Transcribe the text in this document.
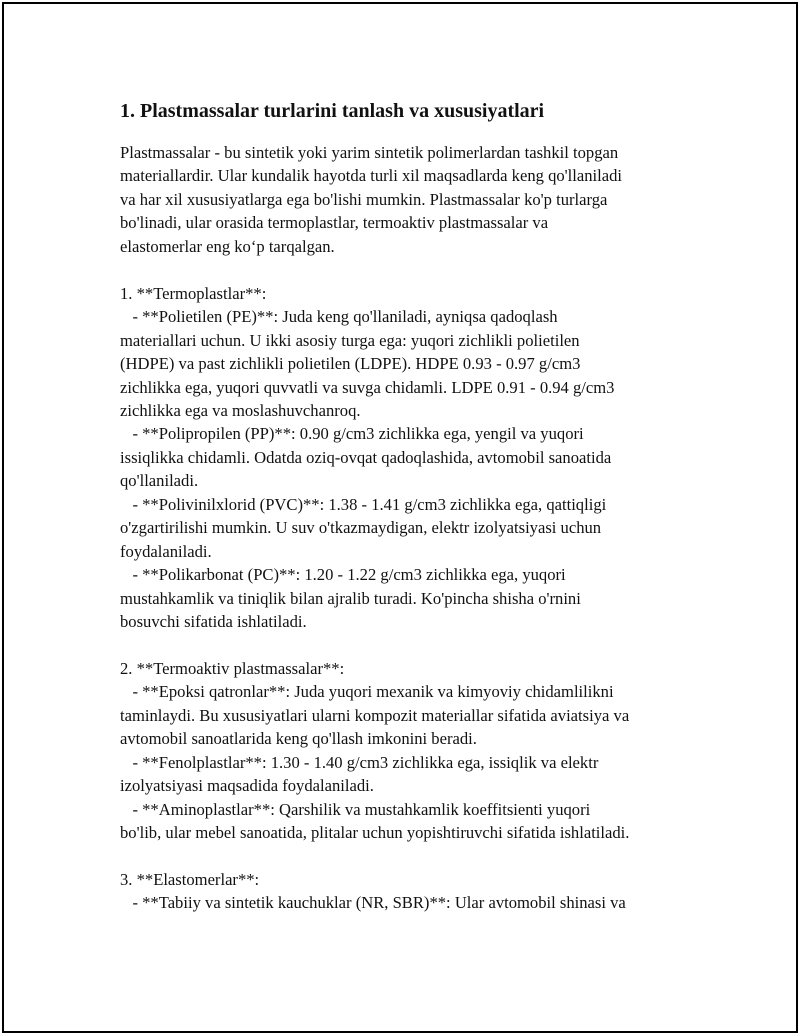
1. Plastmassalar turlarini tanlash va xususiyatlari
Plastmassalar - bu sintetik yoki yarim sintetik polimerlardan tashkil topgan
materiallardir. Ular kundalik hayotda turli xil maqsadlarda keng qo'llaniladi
va har xil xususiyatlarga ega bo'lishi mumkin. Plastmassalar ko'p turlarga
bo'linadi, ular orasida termoplastlar, termoaktiv plastmassalar va
elastomerlar eng ko‘p tarqalgan.
1. **Termoplastlar**:
- **Polietilen (PE)**: Juda keng qo'llaniladi, ayniqsa qadoqlash
materiallari uchun. U ikki asosiy turga ega: yuqori zichlikli polietilen
(HDPE) va past zichlikli polietilen (LDPE). HDPE 0.93 - 0.97 g/cm3
zichlikka ega, yuqori quvvatli va suvga chidamli. LDPE 0.91 - 0.94 g/cm3
zichlikka ega va moslashuvchanroq.
- **Polipropilen (PP)**: 0.90 g/cm3 zichlikka ega, yengil va yuqori
issiqlikka chidamli. Odatda oziq-ovqat qadoqlashida, avtomobil sanoatida
qo'llaniladi.
- **Polivinilxlorid (PVC)**: 1.38 - 1.41 g/cm3 zichlikka ega, qattiqligi
o'zgartirilishi mumkin. U suv o'tkazmaydigan, elektr izolyatsiyasi uchun
foydalaniladi.
- **Polikarbonat (PC)**: 1.20 - 1.22 g/cm3 zichlikka ega, yuqori
mustahkamlik va tiniqlik bilan ajralib turadi. Ko'pincha shisha o'rnini
bosuvchi sifatida ishlatiladi.
2. **Termoaktiv plastmassalar**:
- **Epoksi qatronlar**: Juda yuqori mexanik va kimyoviy chidamlilikni
taminlaydi. Bu xususiyatlari ularni kompozit materiallar sifatida aviatsiya va
avtomobil sanoatlarida keng qo'llash imkonini beradi.
- **Fenolplastlar**: 1.30 - 1.40 g/cm3 zichlikka ega, issiqlik va elektr
izolyatsiyasi maqsadida foydalaniladi.
- **Aminoplastlar**: Qarshilik va mustahkamlik koeffitsienti yuqori
bo'lib, ular mebel sanoatida, plitalar uchun yopishtiruvchi sifatida ishlatiladi.
3. **Elastomerlar**:
- **Tabiiy va sintetik kauchuklar (NR, SBR)**: Ular avtomobil shinasi va
